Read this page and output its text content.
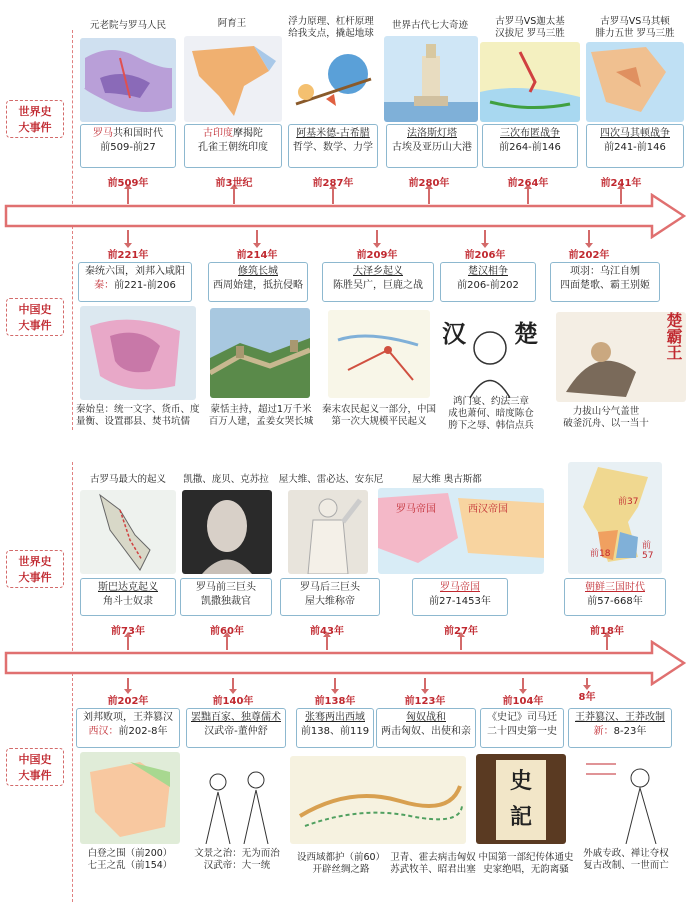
世界史
大事件
中国史
大事件
世界史
大事件
中国史
大事件
元老院与罗马人民
罗马共和国时代
前509-前27
前509年
阿育王
古印度摩揭陀
孔雀王朝统印度
前3世纪
浮力原理、杠杆原理
给我支点，撬起地球
阿基米德-古希腊
哲学、数学、力学
前287年
世界古代七大奇迹
法洛斯灯塔
古埃及亚历山大港
前280年
古罗马VS迦太基
汉拔尼 罗马三胜
三次布匿战争
前264-前146
前264年
古罗马VS马其顿
腓力五世 罗马三胜
四次马其顿战争
前241-前146
前241年
前221年
秦统六国，刘邦入咸阳
秦：前221-前206
秦始皇：统一文字、货币、度
量衡、设置郡县、焚书坑儒
前214年
修筑长城
西周始建，抵抗侵略
蒙恬主持，超过1万千米
百万人建，孟姜女哭长城
前209年
大泽乡起义
陈胜吴广，巨鹿之战
秦末农民起义一部分，中国
第一次大规模平民起义
前206年
楚汉相争
前206-前202
汉 楚
鸿门宴、约法三章
成也萧何、暗度陈仓
胯下之辱、韩信点兵
前202年
项羽：乌江自刎
四面楚歌、霸王别姬
楚霸王
力拔山兮气盖世
破釜沉舟、以一当十
古罗马最大的起义
斯巴达克起义
角斗士奴隶
前73年
凯撒、庞贝、克苏拉
罗马前三巨头
凯撒独裁官
前60年
屋大维、雷必达、安东尼
罗马后三巨头
屋大维称帝
前43年
屋大维 奥古斯都
罗马帝国	西汉帝国
罗马帝国
前27-1453年
前27年
前37
前18
前57
朝鲜三国时代
前57-668年
前18年
前202年
刘邦败项，王莽篡汉
西汉：前202-8年
白登之围（前200）
七王之乱（前154）
前140年
罢黜百家、独尊儒术
汉武帝-董仲舒
文景之治：无为而治
汉武帝：大一统
前138年
张骞两出西域
前138、前119
设西域都护（前60）
开辟丝绸之路
前123年
匈奴战和
两击匈奴、出使和亲
卫青、霍去病击匈奴
苏武牧羊、昭君出塞
前104年
《史记》司马迁
二十四史第一史
史
記
中国第一部纪传体通史
史家绝唱，无韵离骚
8年
王莽篡汉、王莽改制
新：8-23年
外戚专政、禅让夺权
复古改制、一世而亡
